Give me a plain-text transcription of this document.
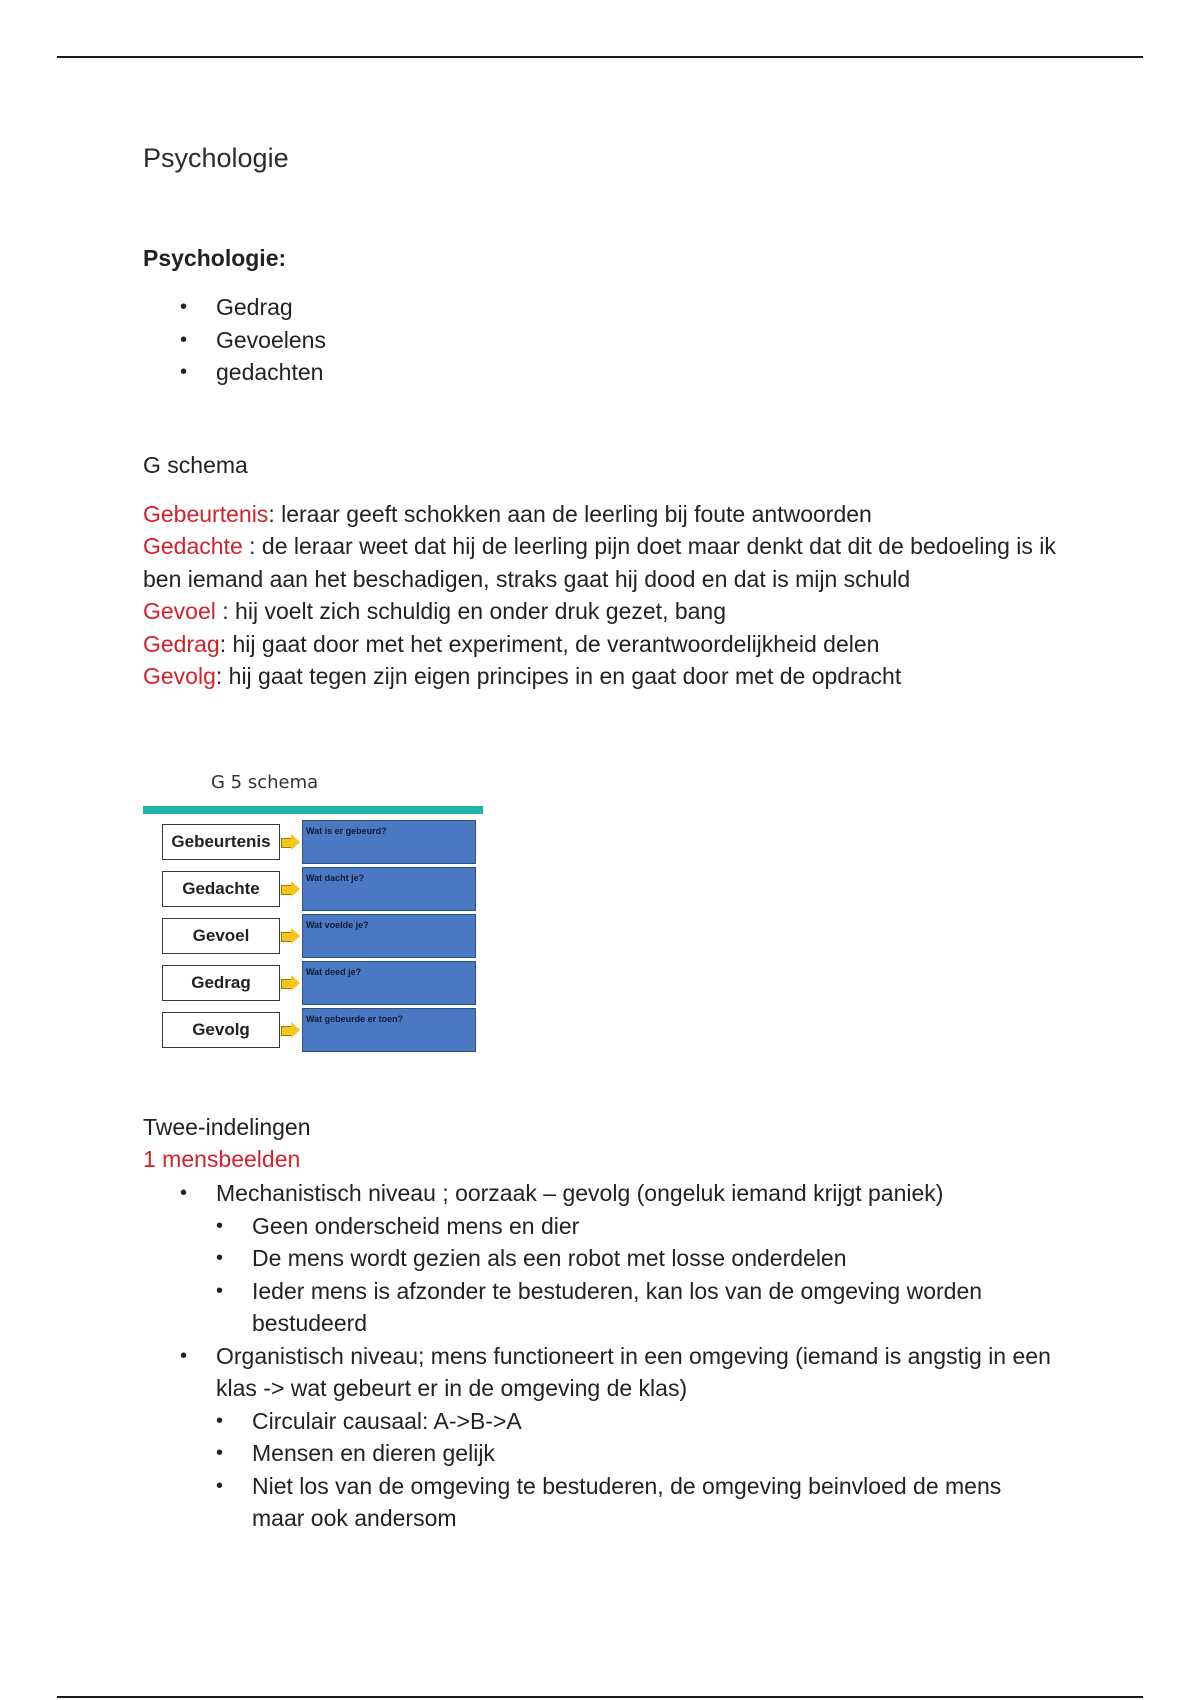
Psychologie
Psychologie:
• Gedrag
• Gevoelens
• gedachten
G schema

Gebeurtenis: leraar geeft schokken aan de leerling bij foute antwoorden

Gedachte : de leraar weet dat hij de leerling pijn doet maar denkt dat dit de bedoeling is ik ben iemand aan het beschadigen, straks gaat hij dood en dat is mijn schuld

Gevoel : hij voelt zich schuldig en onder druk gezet, bang

Gedrag: hij gaat door met het experiment, de verantwoordelijkheid delen

Gevolg: hij gaat tegen zijn eigen principes in en gaat door met de opdracht

Twee-indelingen

1 mensbeelden

• Mechanistisch niveau ; oorzaak – gevolg (ongeluk iemand krijgt paniek)
• Geen onderscheid mens en dier
• De mens wordt gezien als een robot met losse onderdelen
• Ieder mens is afzonder te bestuderen, kan los van de omgeving worden bestudeerd
• Organistisch niveau; mens functioneert in een omgeving (iemand is angstig in een klas -> wat gebeurt er in de omgeving de klas)
• Circulair causaal: A->B->A
• Mensen en dieren gelijk
• Niet los van de omgeving te bestuderen, de omgeving beinvloed de mens maar ook andersom
G 5 schema
Gebeurtenis
Wat is er gebeurd?
Gedachte
Wat dacht je?
Gevoel
Wat voelde je?
Gedrag
Wat deed je?
Gevolg
Wat gebeurde er toen?
